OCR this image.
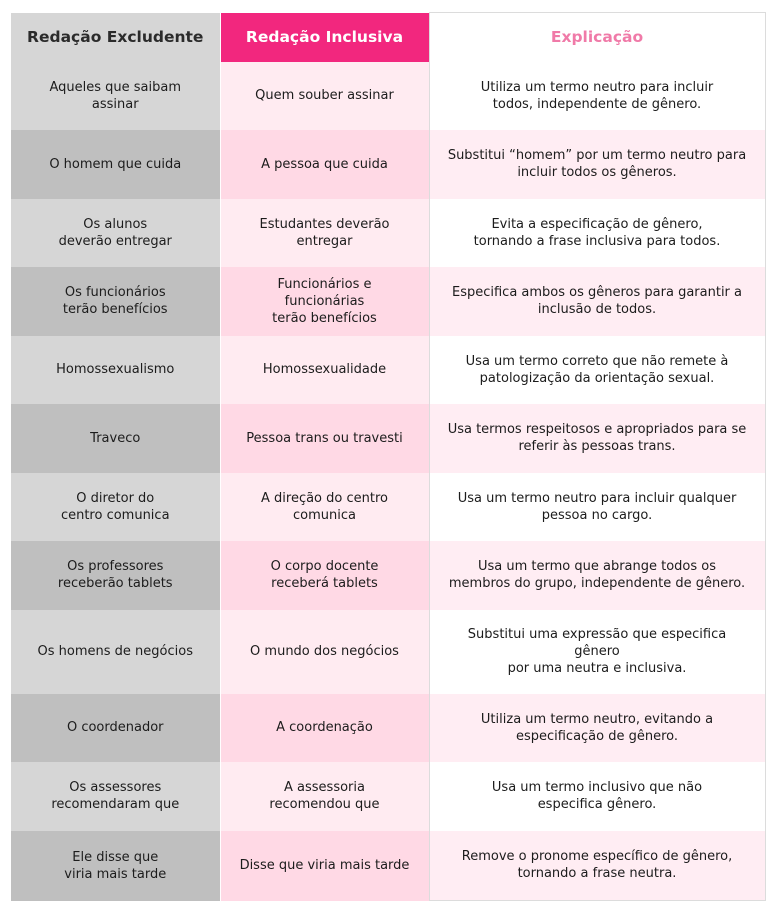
Redação Excludente	Redação Inclusiva	Explicação

Aqueles que saibam assinar	Quem souber assinar	Utiliza um termo neutro para incluir
todos, independente de gênero.

O homem que cuida	A pessoa que cuida	Substitui “homem” por um termo neutro para
incluir todos os gêneros.

Os alunos
deverão entregar	Estudantes deverão entregar	Evita a especificação de gênero,
tornando a frase inclusiva para todos.

Os funcionários
terão benefícios	Funcionários e funcionárias
terão benefícios	Especifica ambos os gêneros para garantir a
inclusão de todos.

Homossexualismo	Homossexualidade	Usa um termo correto que não remete à
patologização da orientação sexual.

Traveco	Pessoa trans ou travesti	Usa termos respeitosos e apropriados para se
referir às pessoas trans.

O diretor do
centro comunica	A direção do centro comunica	Usa um termo neutro para incluir qualquer
pessoa no cargo.

Os professores
receberão tablets	O corpo docente
receberá tablets	Usa um termo que abrange todos os
membros do grupo, independente de gênero.

Os homens de negócios	O mundo dos negócios	Substitui uma expressão que especifica gênero
por uma neutra e inclusiva.

O coordenador	A coordenação	Utiliza um termo neutro, evitando a
especificação de gênero.

Os assessores
recomendaram que	A assessoria
recomendou que	Usa um termo inclusivo que não
especifica gênero.

Ele disse que
viria mais tarde	Disse que viria mais tarde	Remove o pronome específico de gênero,
tornando a frase neutra.
